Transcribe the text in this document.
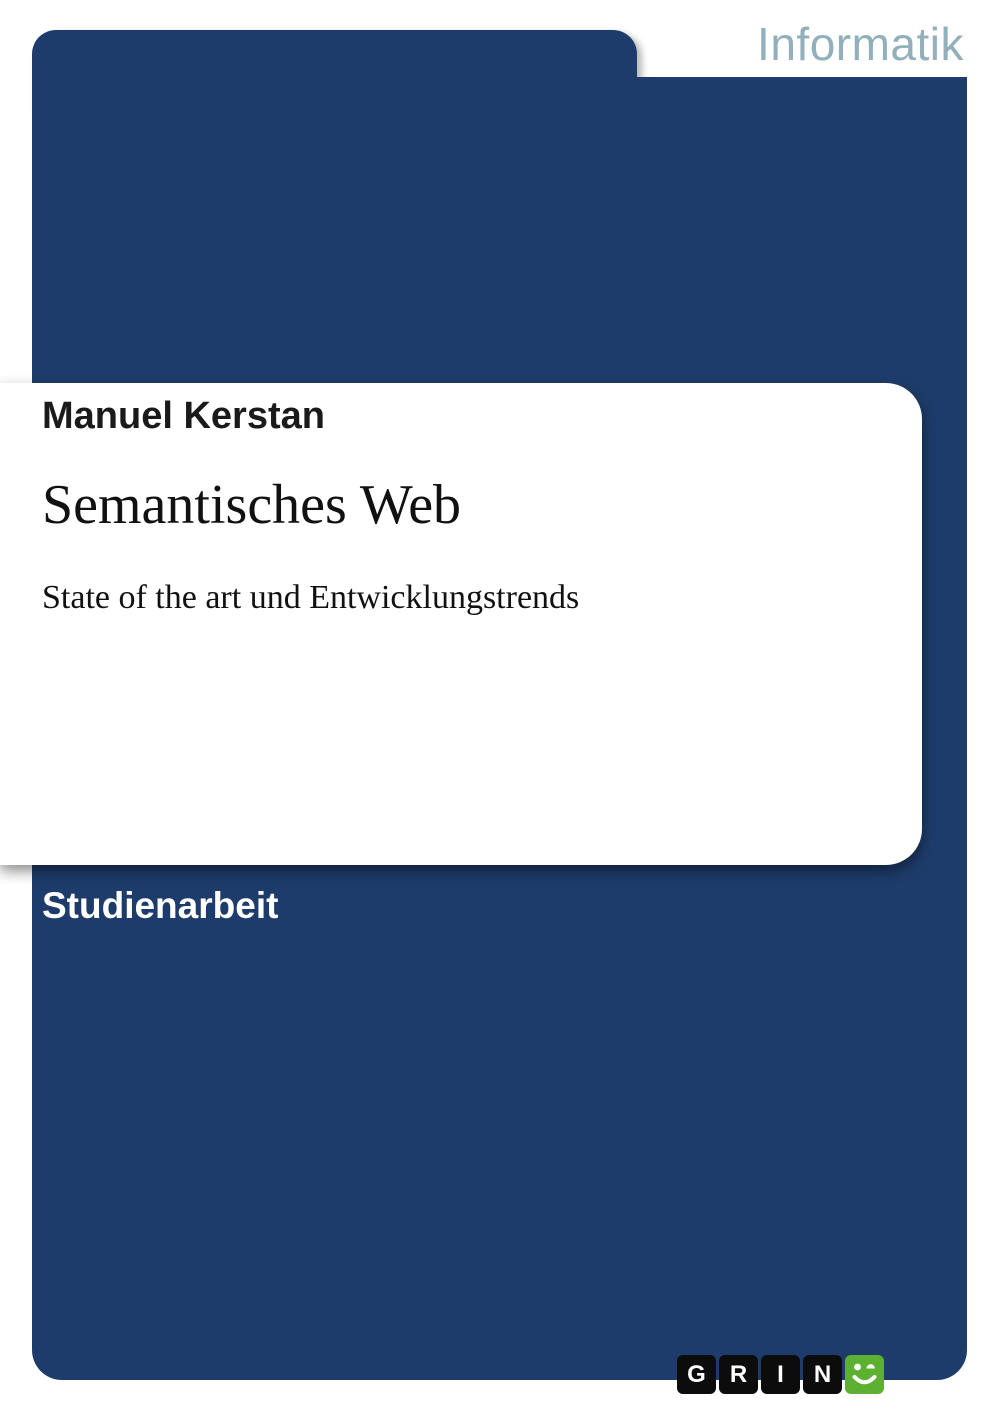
Informatik
Manuel Kerstan
Semantisches Web
State of the art und Entwicklungstrends
Studienarbeit
G R I N
